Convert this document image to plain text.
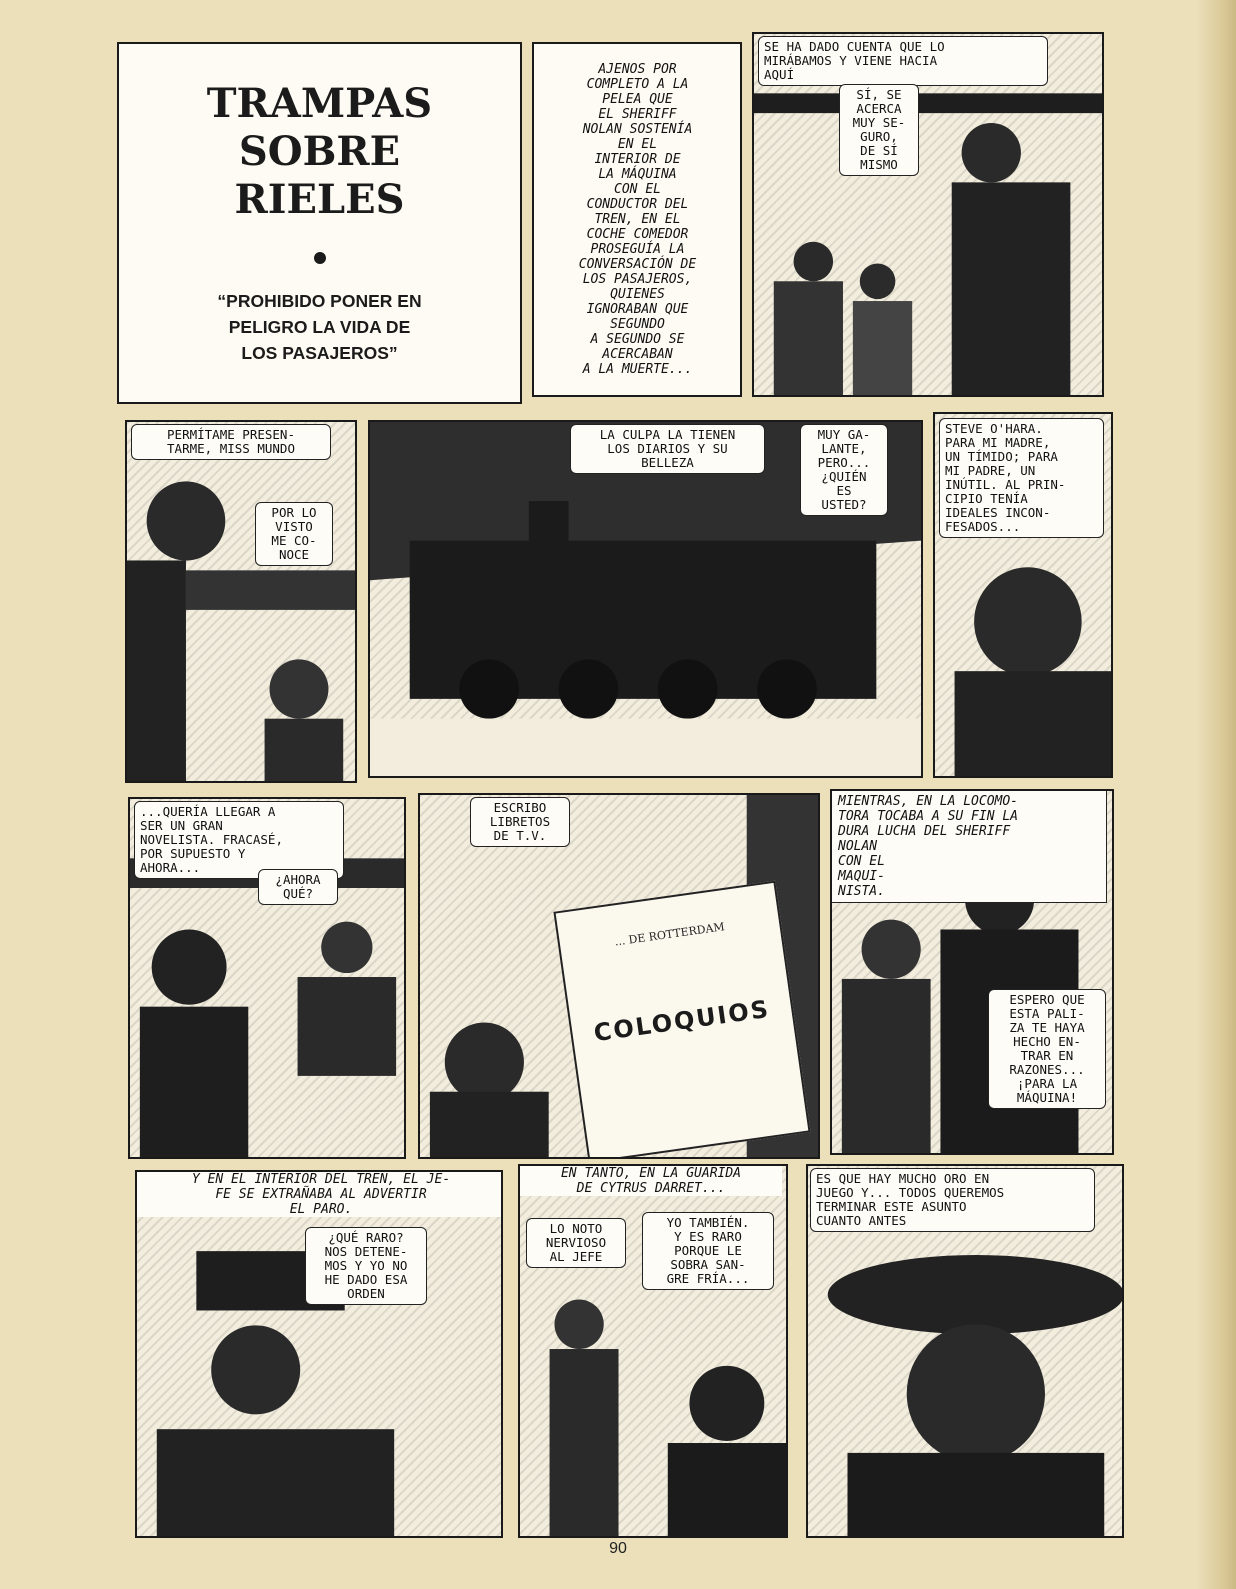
TRAMPAS
SOBRE
RIELES
“PROHIBIDO PONER EN
PELIGRO LA VIDA DE
LOS PASAJEROS”
AJENOS POR
COMPLETO A LA
PELEA QUE
EL SHERIFF
NOLAN SOSTENÍA
EN EL
INTERIOR DE
LA MÁQUINA
CON EL
CONDUCTOR DEL
TREN, EN EL
COCHE COMEDOR
PROSEGUÍA LA
CONVERSACIÓN DE
LOS PASAJEROS,
QUIENES
IGNORABAN QUE
SEGUNDO
A SEGUNDO SE
ACERCABAN
A LA MUERTE...
SE HA DADO CUENTA QUE LO
MIRÁBAMOS Y VIENE HACIA
AQUÍ
SÍ, SE
ACERCA
MUY SE-
GURO,
DE SÍ
MISMO
PERMÍTAME PRESEN-
TARME, MISS MUNDO
POR LO
VISTO
ME CO-
NOCE
LA CULPA LA TIENEN
LOS DIARIOS Y SU
BELLEZA
MUY GA-
LANTE,
PERO...
¿QUIÉN
ES
USTED?
STEVE O'HARA.
PARA MI MADRE,
UN TÍMIDO; PARA
MI PADRE, UN
INÚTIL. AL PRIN-
CIPIO TENÍA
IDEALES INCON-
FESADOS...
...QUERÍA LLEGAR A
SER UN GRAN
NOVELISTA. FRACASÉ,
POR SUPUESTO Y
AHORA...
¿AHORA
QUÉ?
ESCRIBO
LIBRETOS
DE T.V.
... DE ROTTERDAM
COLOQUIOS
MIENTRAS, EN LA LOCOMO-
TORA TOCABA A SU FIN LA
DURA LUCHA DEL SHERIFF
NOLAN
CON EL
MAQUI-
NISTA.
ESPERO QUE
ESTA PALI-
ZA TE HAYA
HECHO EN-
TRAR EN
RAZONES...
¡PARA LA
MÁQUINA!
Y EN EL INTERIOR DEL TREN, EL JE-
FE SE EXTRAÑABA AL ADVERTIR
EL PARO.
¿QUÉ RARO?
NOS DETENE-
MOS Y YO NO
HE DADO ESA
ORDEN
EN TANTO, EN LA GUARIDA
DE CYTRUS DARRET...
LO NOTO
NERVIOSO
AL JEFE
YO TAMBIÉN.
Y ES RARO
PORQUE LE
SOBRA SAN-
GRE FRÍA...
ES QUE HAY MUCHO ORO EN
JUEGO Y... TODOS QUEREMOS
TERMINAR ESTE ASUNTO
CUANTO ANTES
90
